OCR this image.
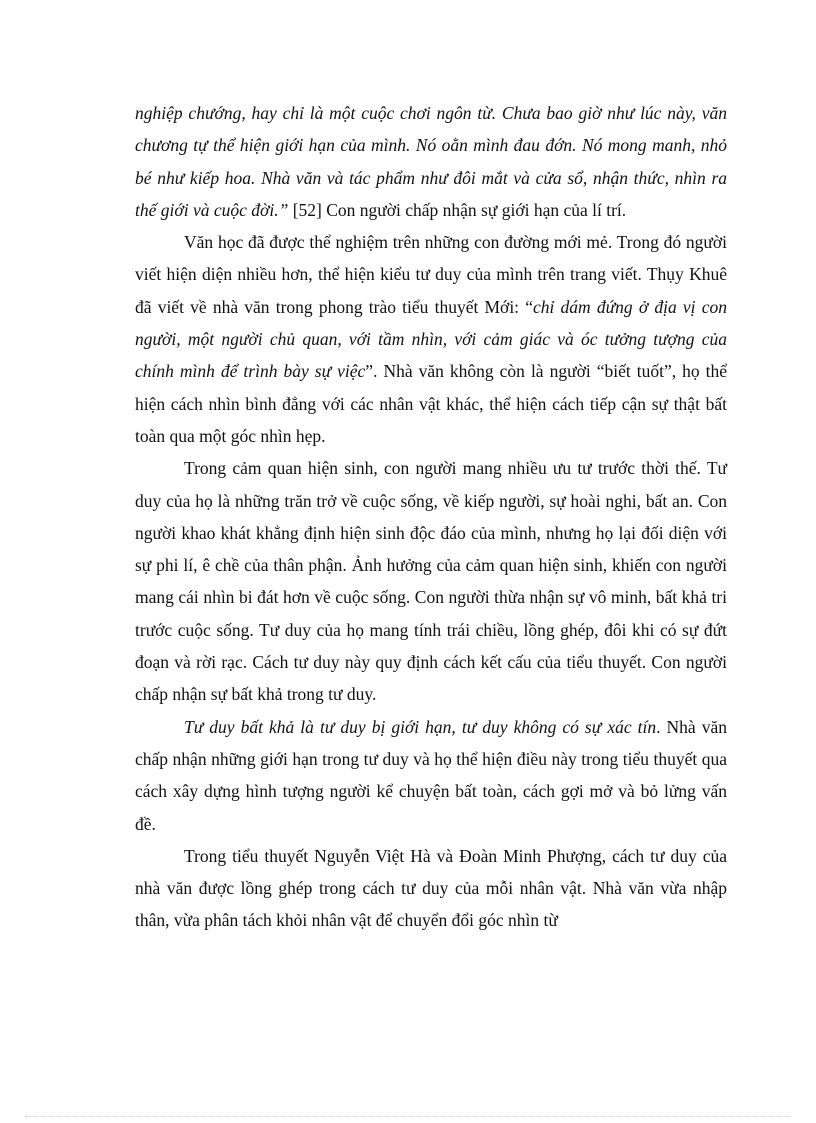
nghiệp chướng, hay chỉ là một cuộc chơi ngôn từ. Chưa bao giờ như lúc này, văn chương tự thể hiện giới hạn của mình. Nó oằn mình đau đớn. Nó mong manh, nhỏ bé như kiếp hoa. Nhà văn và tác phẩm như đôi mắt và cửa sổ, nhận thức, nhìn ra thế giới và cuộc đời.” [52] Con người chấp nhận sự giới hạn của lí trí.

Văn học đã được thể nghiệm trên những con đường mới mẻ. Trong đó người viết hiện diện nhiều hơn, thể hiện kiểu tư duy của mình trên trang viết. Thụy Khuê đã viết về nhà văn trong phong trào tiểu thuyết Mới: “chỉ dám đứng ở địa vị con người, một người chủ quan, với tầm nhìn, với cảm giác và óc tưởng tượng của chính mình để trình bày sự việc”. Nhà văn không còn là người “biết tuốt”, họ thể hiện cách nhìn bình đẳng với các nhân vật khác, thể hiện cách tiếp cận sự thật bất toàn qua một góc nhìn hẹp.

Trong cảm quan hiện sinh, con người mang nhiều ưu tư trước thời thế. Tư duy của họ là những trăn trở về cuộc sống, về kiếp người, sự hoài nghi, bất an. Con người khao khát khẳng định hiện sinh độc đáo của mình, nhưng họ lại đối diện với sự phi lí, ê chề của thân phận. Ảnh hưởng của cảm quan hiện sinh, khiến con người mang cái nhìn bi đát hơn về cuộc sống. Con người thừa nhận sự vô minh, bất khả tri trước cuộc sống. Tư duy của họ mang tính trái chiều, lồng ghép, đôi khi có sự đứt đoạn và rời rạc. Cách tư duy này quy định cách kết cấu của tiểu thuyết. Con người chấp nhận sự bất khả trong tư duy.

Tư duy bất khả là tư duy bị giới hạn, tư duy không có sự xác tín. Nhà văn chấp nhận những giới hạn trong tư duy và họ thể hiện điều này trong tiểu thuyết qua cách xây dựng hình tượng người kể chuyện bất toàn, cách gợi mở và bỏ lửng vấn đề.

Trong tiểu thuyết Nguyễn Việt Hà và Đoàn Minh Phượng, cách tư duy của nhà văn được lồng ghép trong cách tư duy của mỗi nhân vật. Nhà văn vừa nhập thân, vừa phân tách khỏi nhân vật để chuyển đổi góc nhìn từ
